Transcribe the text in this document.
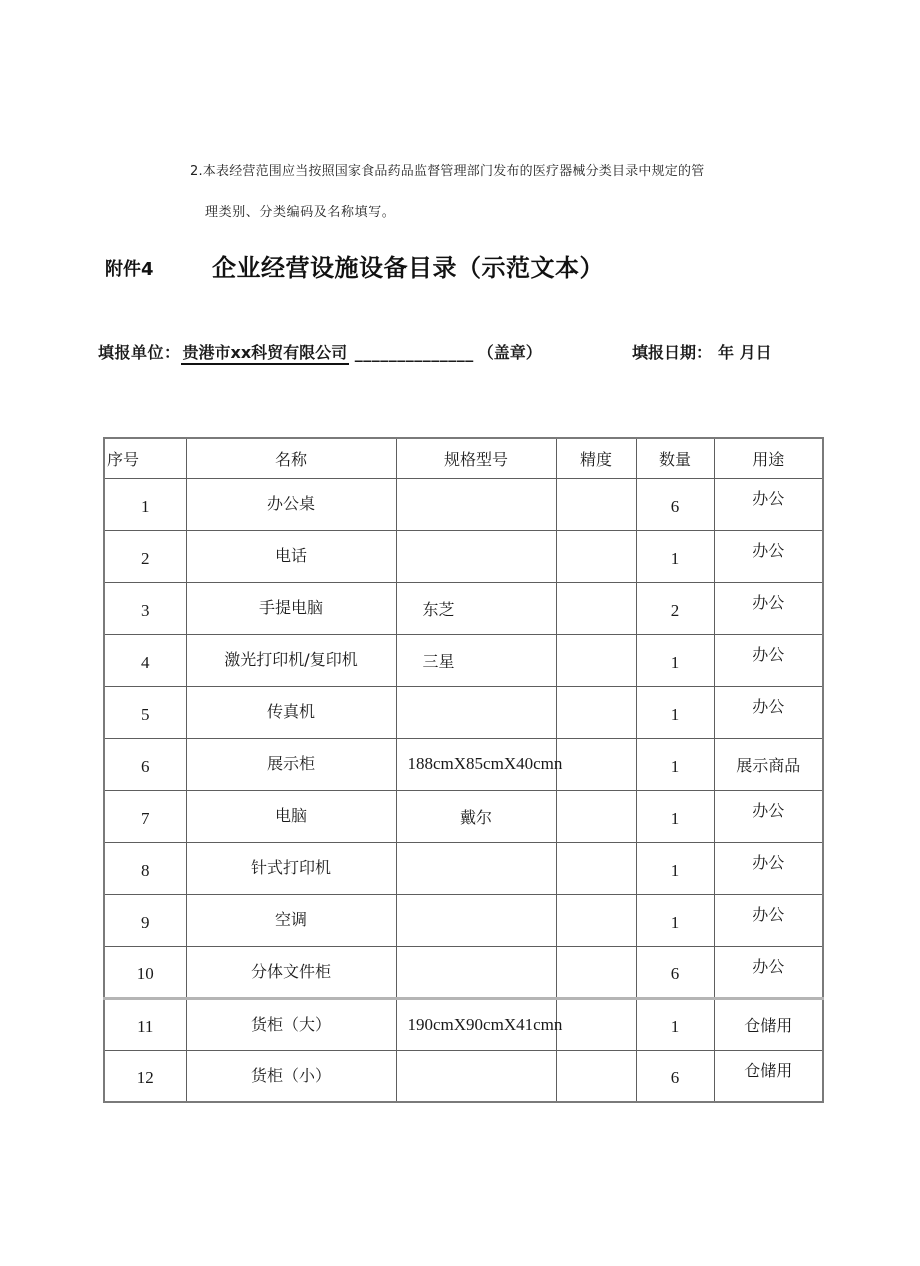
2.本表经营范围应当按照国家食品药品监督管理部门发布的医疗器械分类目录中规定的管
理类别、分类编码及名称填写。
附件4 企业经营设施设备目录（示范文本）
填报单位： 贵港市xx科贸有限公司 ______________ （盖章）	填报日期： 年 月日
序号	名称	规格型号	精度	数量	用途
1	办公桌			6	办公
2	电话			1	办公
3	手提电脑	东芝		2	办公
4	激光打印机/复印机	三星		1	办公
5	传真机			1	办公
6	展示柜	188cmX85cmX40cmn		1	展示商品
7	电脑	戴尔		1	办公
8	针式打印机			1	办公
9	空调			1	办公
10	分体文件柜			6	办公
11	货柜（大）	190cmX90cmX41cmn		1	仓储用
12	货柜（小）			6	仓储用
